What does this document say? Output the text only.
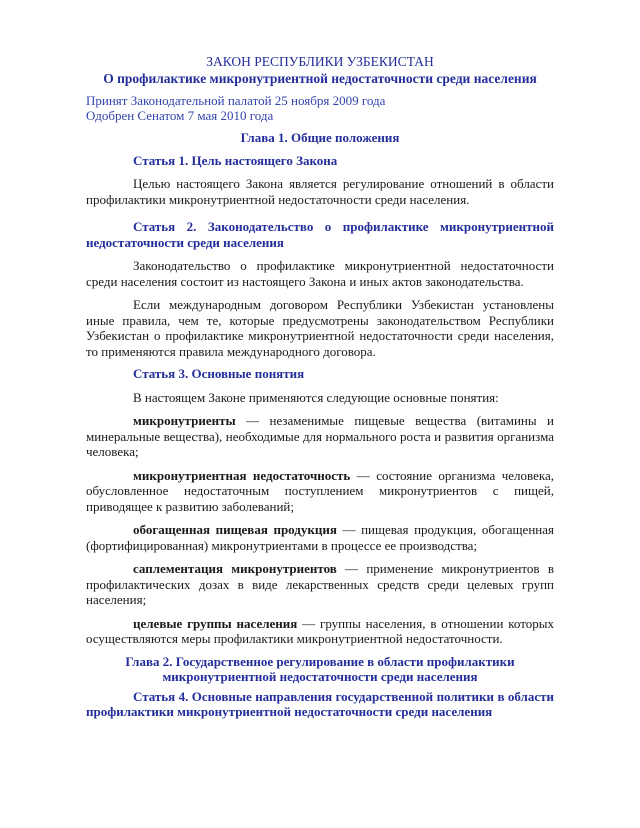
ЗАКОН РЕСПУБЛИКИ УЗБЕКИСТАН

О профилактике микронутриентной недостаточности среди населения

Принят Законодательной палатой 25 ноября 2009 года

Одобрен Сенатом 7 мая 2010 года

Глава 1. Общие положения

Статья 1. Цель настоящего Закона

Целью настоящего Закона является регулирование отношений в области профилактики микронутриентной недостаточности среди населения.

Статья 2. Законодательство о профилактике микронутриентной недостаточности среди населения

Законодательство о профилактике микронутриентной недостаточности среди населения состоит из настоящего Закона и иных актов законодательства.

Если международным договором Республики Узбекистан установлены иные правила, чем те, которые предусмотрены законодательством Республики Узбекистан о профилактике микронутриентной недостаточности среди населения, то применяются правила международного договора.

Статья 3. Основные понятия

В настоящем Законе применяются следующие основные понятия:

микронутриенты — незаменимые пищевые вещества (витамины и минеральные вещества), необходимые для нормального роста и развития организма человека;

микронутриентная недостаточность — состояние организма человека, обусловленное недостаточным поступлением микронутриентов с пищей, приводящее к развитию заболеваний;

обогащенная пищевая продукция — пищевая продукция, обогащенная (фортифицированная) микронутриентами в процессе ее производства;

саплементация микронутриентов — применение микронутриентов в профилактических дозах в виде лекарственных средств среди целевых групп населения;

целевые группы населения — группы населения, в отношении которых осуществляются меры профилактики микронутриентной недостаточности.

Глава 2. Государственное регулирование в области профилактики микронутриентной недостаточности среди населения

Статья 4. Основные направления государственной политики в области профилактики микронутриентной недостаточности среди населения
